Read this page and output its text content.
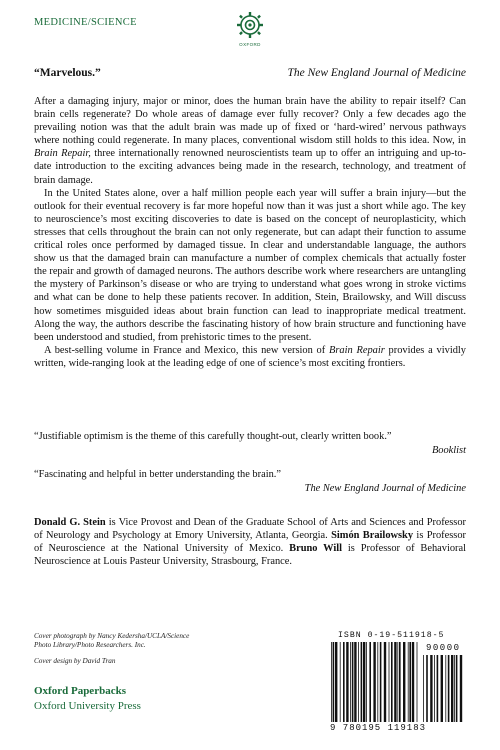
MEDICINE/SCIENCE
OXFORD
“Marvelous.”	The New England Journal of Medicine

After a damaging injury, major or minor, does the human brain have the ability to repair itself? Can brain cells regenerate? Do whole areas of damage ever fully recover? Only a few decades ago the prevailing notion was that the adult brain was made up of fixed or ‘hard-wired’ nervous pathways where nothing could regenerate. In many places, conventional wisdom still holds to this idea. Now, in Brain Repair, three internationally renowned neuroscientists team up to offer an intriguing and up-to-date introduction to the exciting advances being made in the research, technology, and treatment of brain damage.

In the United States alone, over a half million people each year will suffer a brain injury—but the outlook for their eventual recovery is far more hopeful now than it was just a short while ago. The key to neuroscience’s most exciting discoveries to date is based on the concept of neuroplasticity, which stresses that cells throughout the brain can not only regenerate, but can adapt their function to assume critical roles once performed by damaged tissue. In clear and understandable language, the authors show us that the damaged brain can manufacture a number of complex chemicals that actually foster the repair and growth of damaged neurons. The authors describe work where researchers are untangling the mystery of Parkinson’s disease or who are trying to understand what goes wrong in stroke victims and what can be done to help these patients recover. In addition, Stein, Brailowsky, and Will discuss how sometimes misguided ideas about brain function can lead to inappropriate medical treatment. Along the way, the authors describe the fascinating history of how brain structure and functioning have been understood and studied, from prehistoric times to the present.

A best-selling volume in France and Mexico, this new version of Brain Repair provides a vividly written, wide-ranging look at the leading edge of one of science’s most exciting frontiers.

“Justifiable optimism is the theme of this carefully thought-out, clearly written book.”
Booklist
“Fascinating and helpful in better understanding the brain.”
The New England Journal of Medicine
Donald G. Stein is Vice Provost and Dean of the Graduate School of Arts and Sciences and Professor of Neurology and Psychology at Emory University, Atlanta, Georgia. Simón Brailowsky is Professor of Neuroscience at the National University of Mexico. Bruno Will is Professor of Behavioral Neuroscience at Louis Pasteur University, Strasbourg, France.
Cover photograph by Nancy Kedersha/UCLA/Science
Photo Library/Photo Researchers. Inc.
Cover design by David Tran
Oxford Paperbacks
Oxford University Press
ISBN 0-19-511918-5
90000
9 780195 119183
